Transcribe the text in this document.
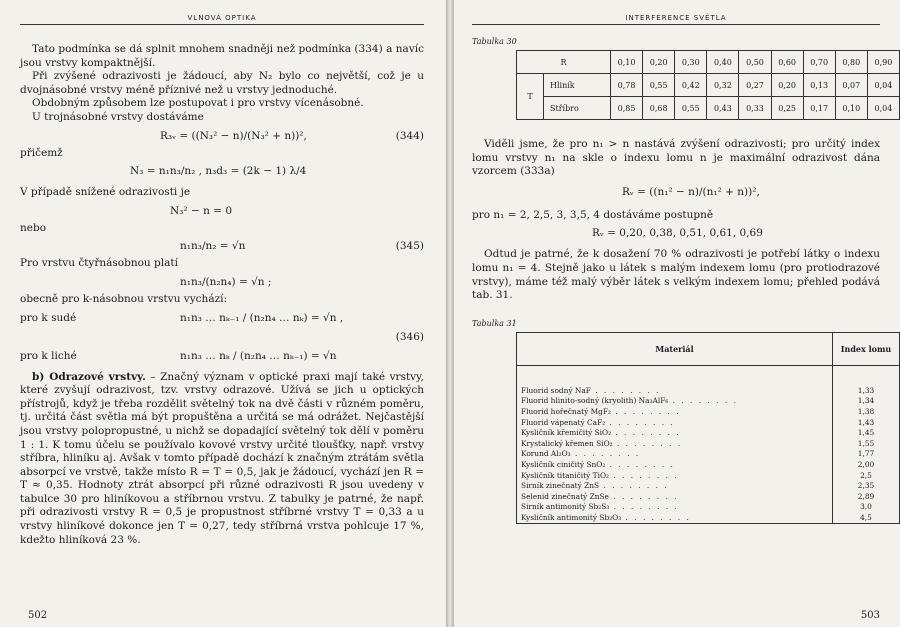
VLNOVÁ OPTIKA

Tato podmínka se dá splnit mnohem snadněji než podmínka (334) a navíc jsou vrstvy kompaktnější.

Při zvýšené odrazivosti je žádoucí, aby N₂ bylo co největší, což je u dvojnásobné vrstvy méně příznivé než u vrstvy jednoduché.

Obdobným způsobem lze postupovat i pro vrstvy vícenásobné.

U trojnásobné vrstvy dostáváme

R₃ᵥ = ((N₃² − n)/(N₃² + n))²,	(344)
přičemž
N₃ = n₁n₃/n₂ , n₃d₃ = (2k − 1) λ/4
V případě snížené odrazivosti je
N₃² − n = 0
nebo
n₁n₃/n₂ = √n	(345)
Pro vrstvu čtyřnásobnou platí
n₁n₃/(n₂n₄) = √n ;
obecně pro k-násobnou vrstvu vychází:
pro k sudé	n₁n₃ … nₖ₋₁ / (n₂n₄ … nₖ) = √n ,
(346)
pro k liché	n₁n₃ … nₖ / (n₂n₄ … nₖ₋₁) = √n

b) Odrazové vrstvy. – Značný význam v optické praxi mají také vrstvy, které zvyšují odrazivost, tzv. vrstvy odrazové. Užívá se jich u optických přístrojů, když je třeba rozdělit světelný tok na dvě části v různém poměru, tj. určitá část světla má být propuštěna a určitá se má odrážet. Nejčastější jsou vrstvy polopropustné, u nichž se dopadající světelný tok dělí v poměru 1 : 1. K tomu účelu se používalo kovové vrstvy určité tloušťky, např. vrstvy stříbra, hliníku aj. Avšak v tomto případě dochází k značným ztrátám světla absorpcí ve vrstvě, takže místo R = T = 0,5, jak je žádoucí, vychází jen R = T ≈ 0,35. Hodnoty ztrát absorpcí při různé odrazivosti R jsou uvedeny v tabulce 30 pro hliníkovou a stříbrnou vrstvu. Z tabulky je patrné, že např. při odrazivosti vrstvy R = 0,5 je propustnost stříbrné vrstvy T = 0,33 a u vrstvy hliníkové dokonce jen T = 0,27, tedy stříbrná vrstva pohlcuje 17 %, kdežto hliníková 23 %.

502
INTERFERENCE SVĚTLA
Tabulka 30
R		0,10	0,20	0,30	0,40	0,50	0,60	0,70	0,80	0,90
T	Hliník	0,78	0,55	0,42	0,32	0,27	0,20	0,13	0,07	0,04
	Stříbro	0,85	0,68	0,55	0,43	0,33	0,25	0,17	0,10	0,04

Viděli jsme, že pro n₁ > n nastává zvýšení odrazivosti; pro určitý index lomu vrstvy n₁ na skle o indexu lomu n je maximální odrazivost dána vzorcem (333a)

Rᵥ = ((n₁² − n)/(n₁² + n))²,

pro n₁ = 2, 2,5, 3, 3,5, 4 dostáváme postupně

Rᵥ = 0,20, 0,38, 0,51, 0,61, 0,69

Odtud je patrné, že k dosažení 70 % odrazivosti je potřebí látky o indexu lomu n₁ = 4. Stejně jako u látek s malým indexem lomu (pro protiodrazové vrstvy), máme též malý výběr látek s velkým indexem lomu; přehled podává tab. 31.

Tabulka 31
Materiál	Index lomu
Fluorid sodný NaF . . . . . . . .	1,33
Fluorid hlinito-sodný (kryolith) Na₃AlF₆ . . . . . . . .	1,34
Fluorid hořečnatý MgF₂ . . . . . . . .	1,38
Fluorid vápenatý CaF₂ . . . . . . . .	1,43
Kysličník křemičitý SiO₂ . . . . . . . .	1,45
Krystalický křemen SiO₂ . . . . . . . .	1,55
Korund Al₂O₃ . . . . . . . .	1,77
Kysličník ciničitý SnO₂ . . . . . . . .	2,00
Kysličník titaničitý TiO₂ . . . . . . . .	2,5
Sirník zinečnatý ZnS . . . . . . . .	2,35
Selenid zinečnatý ZnSe . . . . . . . .	2,89
Sirník antimonitý Sb₂S₃ . . . . . . . .	3,0
Kysličník antimonitý Sb₂O₃ . . . . . . . .	4,5
503
